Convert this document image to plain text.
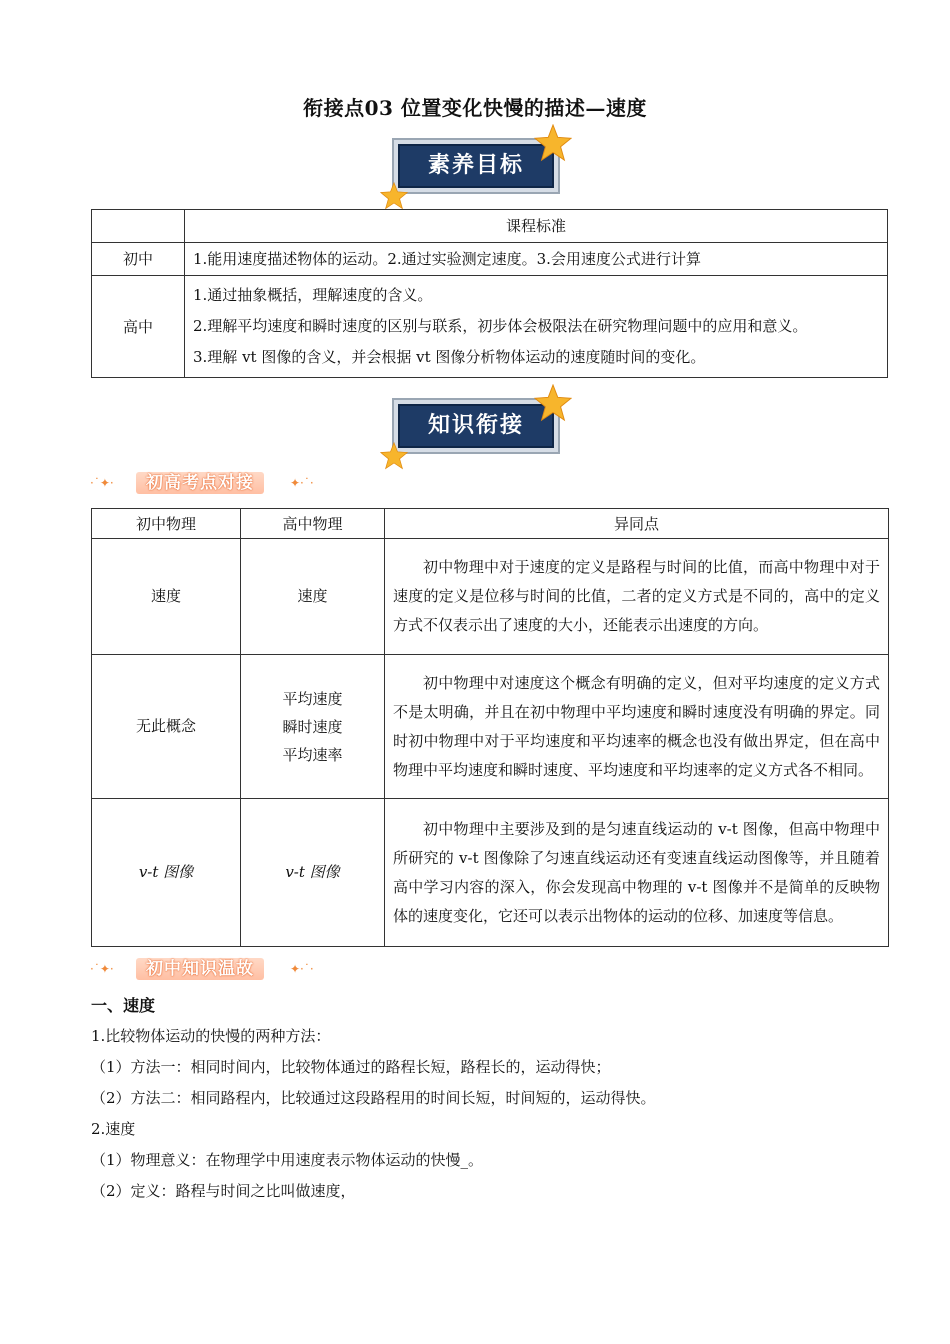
衔接点03 位置变化快慢的描述—速度
素养目标
	课程标准
初中	1.能用速度描述物体的运动。2.通过实验测定速度。3.会用速度公式进行计算
高中	1.通过抽象概括，理解速度的含义。
2.理解平均速度和瞬时速度的区别与联系，初步体会极限法在研究物理问题中的应用和意义。
3.理解 vt 图像的含义，并会根据 vt 图像分析物体运动的速度随时间的变化。
知识衔接
·˙✦·	初高考点对接	✦·˙·
初中物理	高中物理	异同点
速度	速度	初中物理中对于速度的定义是路程与时间的比值，而高中物理中对于速度的定义是位移与时间的比值，二者的定义方式是不同的，高中的定义方式不仅表示出了速度的大小，还能表示出速度的方向。
无此概念	平均速度
瞬时速度
平均速率	初中物理中对速度这个概念有明确的定义，但对平均速度的定义方式不是太明确，并且在初中物理中平均速度和瞬时速度没有明确的界定。同时初中物理中对于平均速度和平均速率的概念也没有做出界定，但在高中物理中平均速度和瞬时速度、平均速度和平均速率的定义方式各不相同。
v-t 图像	v-t 图像	初中物理中主要涉及到的是匀速直线运动的 v-t 图像，但高中物理中所研究的 v-t 图像除了匀速直线运动还有变速直线运动图像等，并且随着高中学习内容的深入，你会发现高中物理的 v-t 图像并不是简单的反映物体的速度变化，它还可以表示出物体的运动的位移、加速度等信息。
·˙✦·	初中知识温故	✦·˙·
一、速度
1.比较物体运动的快慢的两种方法：
（1）方法一：相同时间内，比较物体通过的路程长短，路程长的，运动得快；
（2）方法二：相同路程内，比较通过这段路程用的时间长短，时间短的，运动得快。
2.速度
（1）物理意义：在物理学中用速度表示物体运动的快慢_。
（2）定义：路程与时间之比叫做速度，
